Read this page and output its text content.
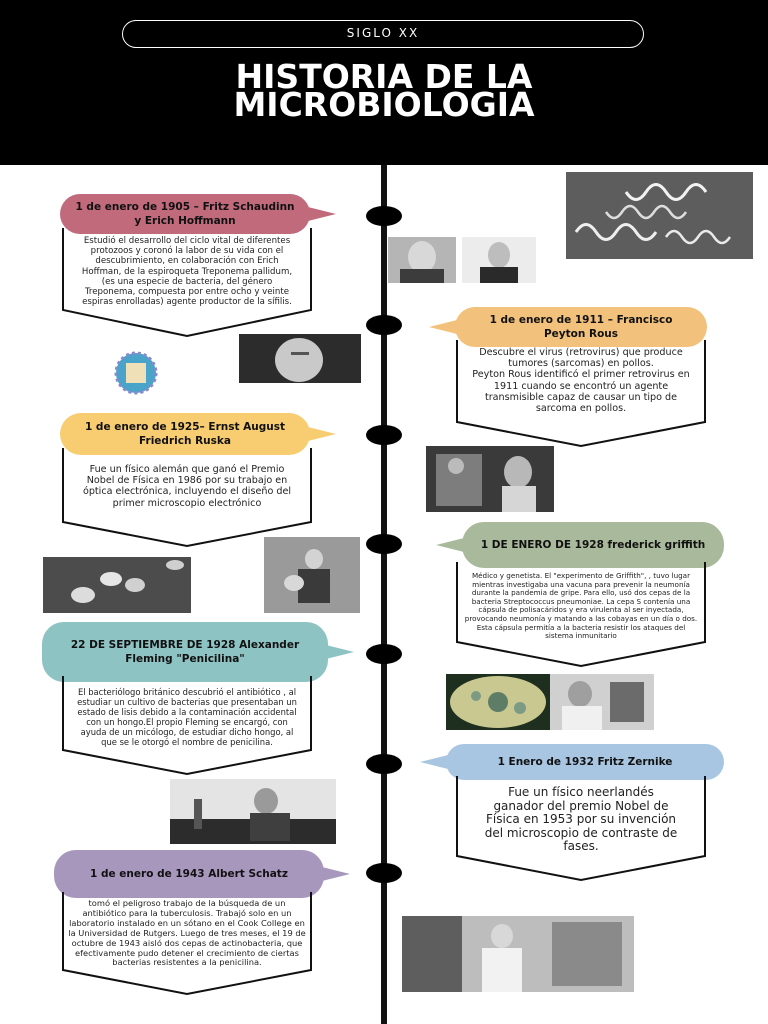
SIGLO XX
HISTORIA DE LA
MICROBIOLOGIA
1 de enero de 1905 – Fritz Schaudinn y Erich Hoffmann
Estudió el desarrollo del ciclo vital de diferentes protozoos y coronó la labor de su vida con el descubrimiento, en colaboración con Erich Hoffman, de la espiroqueta Treponema pallidum,(es una especie de bacteria, del género Treponema, compuesta por entre ocho y veinte espiras enrolladas) agente productor de la sífilis.
1 de enero de 1911 – Francisco Peyton Rous
Descubre el virus (retrovirus) que produce tumores (sarcomas) en pollos.
Peyton Rous identificó el primer retrovirus en 1911 cuando se encontró un agente transmisible capaz de causar un tipo de sarcoma en pollos.
1 de enero de 1925– Ernst August Friedrich Ruska
Fue un físico alemán que ganó el Premio Nobel de Física en 1986 por su trabajo en óptica electrónica, incluyendo el diseño del primer microscopio electrónico
1 DE ENERO DE 1928 frederick griffith
Médico y genetista. El "experimento de Griffith", , tuvo lugar mientras investigaba una vacuna para prevenir la neumonía durante la pandemia de gripe. Para ello, usó dos cepas de la bacteria Streptococcus pneumoniae. La cepa S contenía una cápsula de polisacáridos y era virulenta al ser inyectada, provocando neumonía y matando a las cobayas en un día o dos. Esta cápsula permitía a la bacteria resistir los ataques del sistema inmunitario
22 DE SEPTIEMBRE DE 1928 Alexander Fleming "Penicilina"
El bacteriólogo británico descubrió el antibiótico , al estudiar un cultivo de bacterias que presentaban un estado de lisis debido a la contaminación accidental con un hongo.El propio Fleming se encargó, con ayuda de un micólogo, de estudiar dicho hongo, al que se le otorgó el nombre de penicilina.
1 Enero de 1932 Fritz Zernike
Fue un físico neerlandés ganador del premio Nobel de Física en 1953 por su invención del microscopio de contraste de fases.
1 de enero de 1943 Albert Schatz
tomó el peligroso trabajo de la búsqueda de un antibiótico para la tuberculosis. Trabajó solo en un laboratorio instalado en un sótano en el Cook College en la Universidad de Rutgers. Luego de tres meses, el 19 de octubre de 1943 aisló dos cepas de actinobacteria, que efectivamente pudo detener el crecimiento de ciertas bacterias resistentes a la penicilina.
